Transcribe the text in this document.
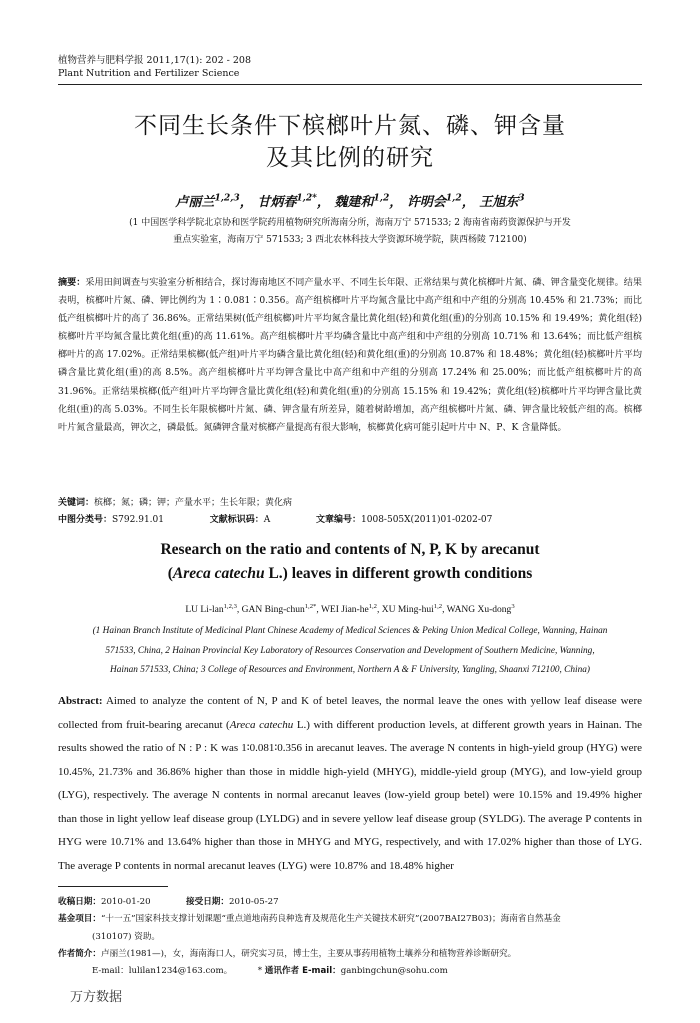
植物营养与肥料学报 2011,17(1): 202 - 208
Plant Nutrition and Fertilizer Science
不同生长条件下槟榔叶片氮、磷、钾含量
及其比例的研究
卢丽兰$^{1,2,3}$， 甘炳春$^{1,2*}$， 魏建和$^{1,2}$， 许明会$^{1,2}$， 王旭东$^3$
(1 中国医学科学院北京协和医学院药用植物研究所海南分所，海南万宁 571533; 2 海南省南药资源保护与开发
重点实验室，海南万宁 571533; 3 西北农林科技大学资源环境学院，陕西杨陵 712100)
摘要：采用田间调查与实验室分析相结合，探讨海南地区不同产量水平、不同生长年限、正常结果与黄化槟榔叶片氮、磷、钾含量变化规律。结果表明，槟榔叶片氮、磷、钾比例约为 1∶0.081∶0.356。高产组槟榔叶片平均氮含量比中高产组和中产组的分别高 10.45% 和 21.73%；而比低产组槟榔叶片的高了 36.86%。正常结果树(低产组槟榔)叶片平均氮含量比黄化组(轻)和黄化组(重)的分别高 10.15% 和 19.49%；黄化组(轻)槟榔叶片平均氮含量比黄化组(重)的高 11.61%。高产组槟榔叶片平均磷含量比中高产组和中产组的分别高 10.71% 和 13.64%；而比低产组槟榔叶片的高 17.02%。正常结果槟榔(低产组)叶片平均磷含量比黄化组(轻)和黄化组(重)的分别高 10.87% 和 18.48%；黄化组(轻)槟榔叶片平均磷含量比黄化组(重)的高 8.5%。高产组槟榔叶片平均钾含量比中高产组和中产组的分别高 17.24% 和 25.00%；而比低产组槟榔叶片的高 31.96%。正常结果槟榔(低产组)叶片平均钾含量比黄化组(轻)和黄化组(重)的分别高 15.15% 和 19.42%；黄化组(轻)槟榔叶片平均钾含量比黄化组(重)的高 5.03%。不同生长年限槟榔叶片氮、磷、钾含量有所差异，随着树龄增加，高产组槟榔叶片氮、磷、钾含量比较低产组的高。槟榔叶片氮含量最高，钾次之，磷最低。氮磷钾含量对槟榔产量提高有很大影响，槟榔黄化病可能引起叶片中 N、P、K 含量降低。
关键词：槟榔；氮；磷；钾；产量水平；生长年限；黄化病
中图分类号：S792.91.01	文献标识码：A	文章编号：1008-505X(2011)01-0202-07
Research on the ratio and contents of N, P, K by arecanut
(Areca catechu L.) leaves in different growth conditions
LU Li-lan$^{1,2,3}$, GAN Bing-chun$^{1,2*}$, WEI Jian-he$^{1,2}$, XU Ming-hui$^{1,2}$, WANG Xu-dong$^3$
(1 Hainan Branch Institute of Medicinal Plant Chinese Academy of Medical Sciences & Peking Union Medical College, Wanning, Hainan
571533, China, 2 Hainan Provincial Key Laboratory of Resources Conservation and Development of Southern Medicine, Wanning,
Hainan 571533, China; 3 College of Resources and Environment, Northern A & F University, Yangling, Shaanxi 712100, China)
Abstract: Aimed to analyze the content of N, P and K of betel leaves, the normal leave the ones with yellow leaf disease were collected from fruit-bearing arecanut (Areca catechu L.) with different production levels, at different growth years in Hainan. The results showed the ratio of N : P : K was 1∶0.081∶0.356 in arecanut leaves. The average N contents in high-yield group (HYG) were 10.45%, 21.73% and 36.86% higher than those in middle high-yield (MHYG), middle-yield group (MYG), and low-yield group (LYG), respectively. The average N contents in normal arecanut leaves (low-yield group betel) were 10.15% and 19.49% higher than those in light yellow leaf disease group (LYLDG) and in severe yellow leaf disease group (SYLDG). The average P contents in HYG were 10.71% and 13.64% higher than those in MHYG and MYG, respectively, and with 17.02% higher than those of LYG. The average P contents in normal arecanut leaves (LYG) were 10.87% and 18.48% higher
收稿日期：2010-01-20	接受日期：2010-05-27
基金项目：“十一五”国家科技支撑计划课题“重点道地南药良种选育及规范化生产关键技术研究”(2007BAI27B03)；海南省自然基金
(310107) 资助。
作者简介：卢丽兰(1981—)，女，海南海口人，研究实习员，博士生，主要从事药用植物土壤养分和植物营养诊断研究。
E-mail：lulilan1234@163.com。	* 通讯作者 E-mail：ganbingchun@sohu.com
万方数据
